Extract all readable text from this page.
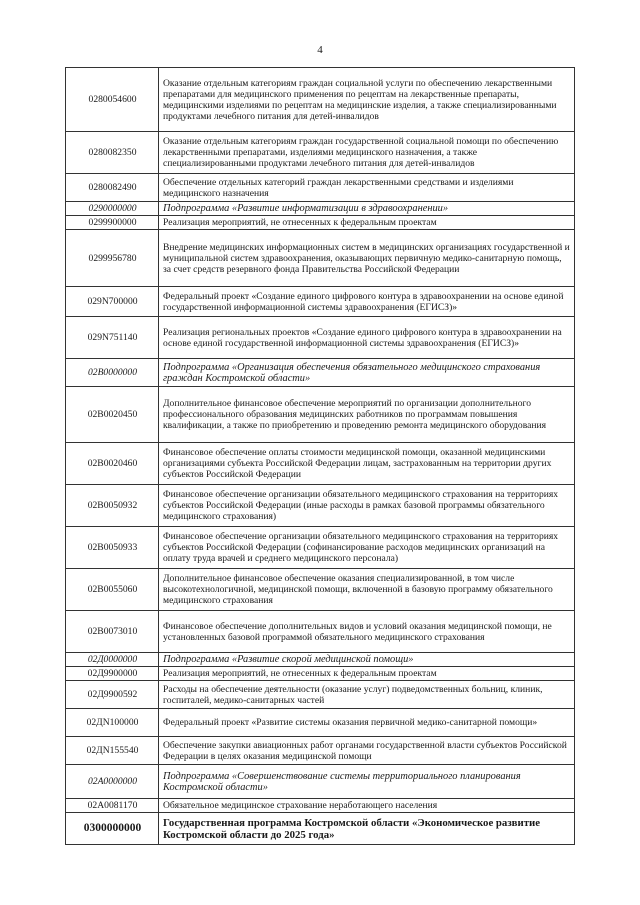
4
0280054600	Оказание отдельным категориям граждан социальной услуги по обеспечению лекарственными препаратами для медицинского применения по рецептам на лекарственные препараты, медицинскими изделиями по рецептам на медицинские изделия, а также специализированными продуктами лечебного питания для детей-инвалидов
0280082350	Оказание отдельным категориям граждан государственной социальной помощи по обеспечению лекарственными препаратами, изделиями медицинского назначения, а также специализированными продуктами лечебного питания для детей-инвалидов
0280082490	Обеспечение отдельных категорий граждан лекарственными средствами и изделиями медицинского назначения
0290000000	Подпрограмма «Развитие информатизации в здравоохранении»
0299900000	Реализация мероприятий, не отнесенных к федеральным проектам
0299956780	Внедрение медицинских информационных систем в медицинских организациях государственной и муниципальной систем здравоохранения, оказывающих первичную медико-санитарную помощь, за счет средств резервного фонда Правительства Российской Федерации
029N700000	Федеральный проект «Создание единого цифрового контура в здравоохранении на основе единой государственной информационной системы здравоохранения (ЕГИСЗ)»
029N751140	Реализация региональных проектов «Создание единого цифрового контура в здравоохранении на основе единой государственной информационной системы здравоохранения (ЕГИСЗ)»
02В0000000	Подпрограмма «Организация обеспечения обязательного медицинского страхования граждан Костромской области»
02В0020450	Дополнительное финансовое обеспечение мероприятий по организации дополнительного профессионального образования медицинских работников по программам повышения квалификации, а также по приобретению и проведению ремонта медицинского оборудования
02В0020460	Финансовое обеспечение оплаты стоимости медицинской помощи, оказанной медицинскими организациями субъекта Российской Федерации лицам, застрахованным на территории других субъектов Российской Федерации
02В0050932	Финансовое обеспечение организации обязательного медицинского страхования на территориях субъектов Российской Федерации (иные расходы в рамках базовой программы обязательного медицинского страхования)
02В0050933	Финансовое обеспечение организации обязательного медицинского страхования на территориях субъектов Российской Федерации (софинансирование расходов медицинских организаций на оплату труда врачей и среднего медицинского персонала)
02В0055060	Дополнительное финансовое обеспечение оказания специализированной, в том числе высокотехнологичной, медицинской помощи, включенной в базовую программу обязательного медицинского страхования
02В0073010	Финансовое обеспечение дополнительных видов и условий оказания медицинской помощи, не установленных базовой программой обязательного медицинского страхования
02Д0000000	Подпрограмма «Развитие скорой медицинской помощи»
02Д9900000	Реализация мероприятий, не отнесенных к федеральным проектам
02Д9900592	Расходы на обеспечение деятельности (оказание услуг) подведомственных больниц, клиник, госпиталей, медико-санитарных частей
02ДN100000	Федеральный проект «Развитие системы оказания первичной медико-санитарной помощи»
02ДN155540	Обеспечение закупки авиационных работ органами государственной власти субъектов Российской Федерации в целях оказания медицинской помощи
02А0000000	Подпрограмма «Совершенствование системы территориального планирования Костромской области»
02А0081170	Обязательное медицинское страхование неработающего населения
0300000000	Государственная программа Костромской области «Экономическое развитие Костромской области до 2025 года»
